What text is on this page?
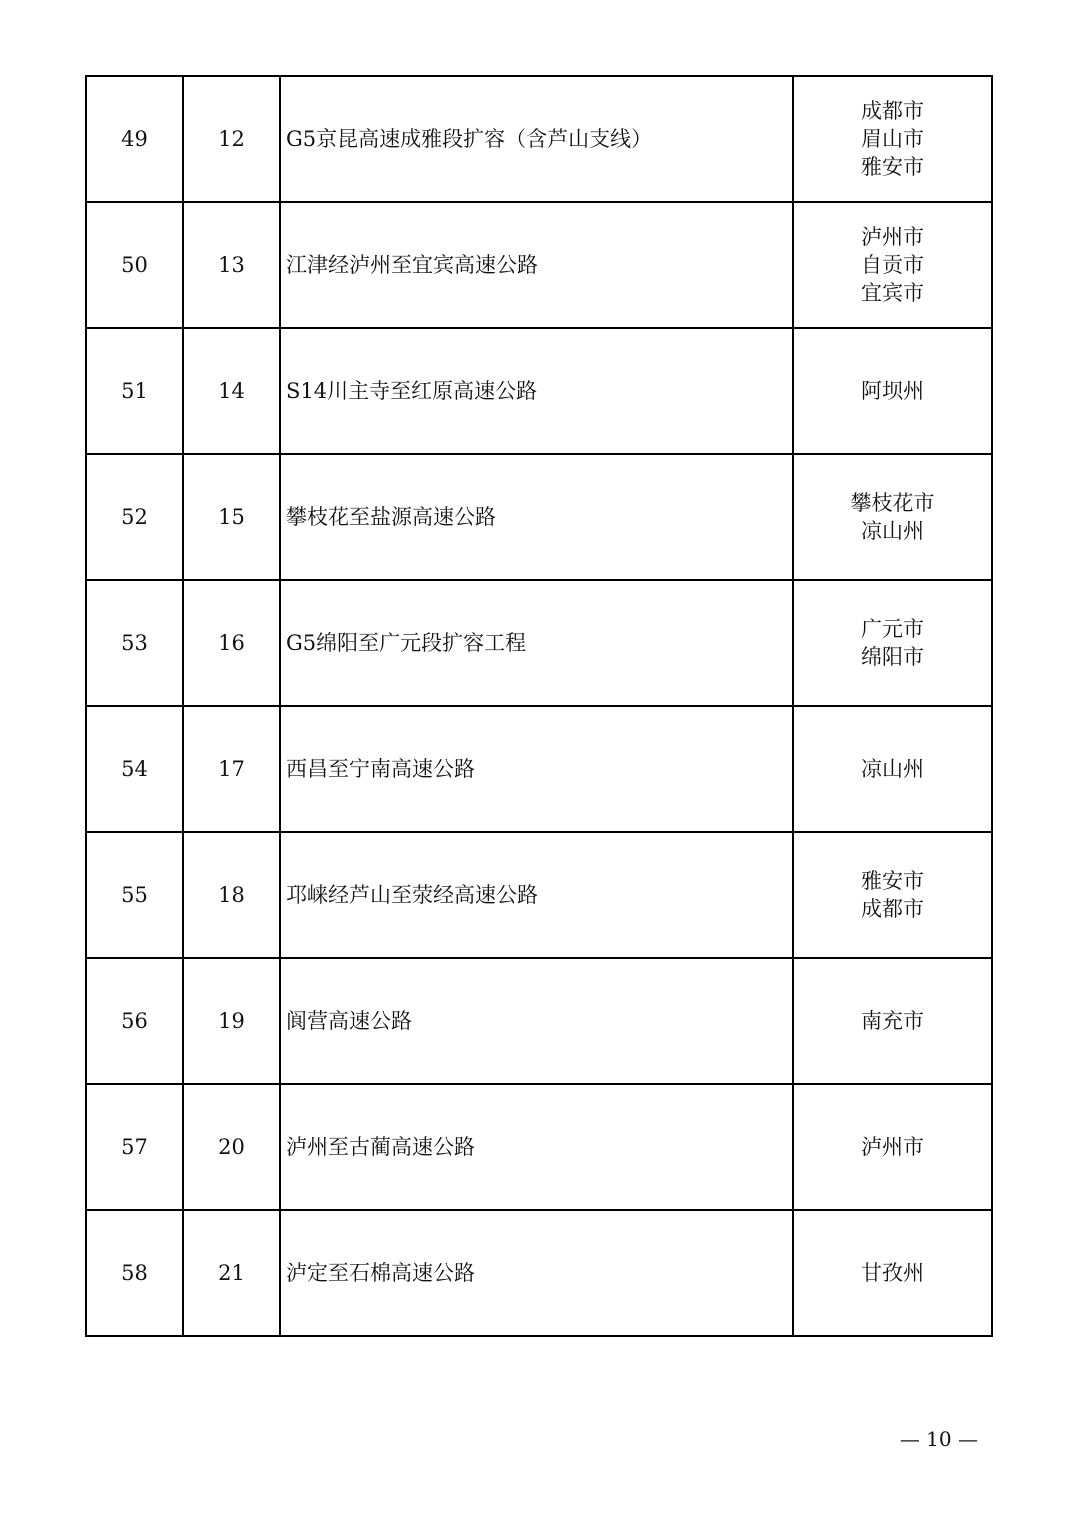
49	12	G5京昆高速成雅段扩容（含芦山支线）	成都市
眉山市
雅安市

50	13	江津经泸州至宜宾高速公路	泸州市
自贡市
宜宾市

51	14	S14川主寺至红原高速公路	阿坝州

52	15	攀枝花至盐源高速公路	攀枝花市
凉山州

53	16	G5绵阳至广元段扩容工程	广元市
绵阳市

54	17	西昌至宁南高速公路	凉山州

55	18	邛崃经芦山至荥经高速公路	雅安市
成都市

56	19	阆营高速公路	南充市

57	20	泸州至古蔺高速公路	泸州市

58	21	泸定至石棉高速公路	甘孜州
— 10 —
